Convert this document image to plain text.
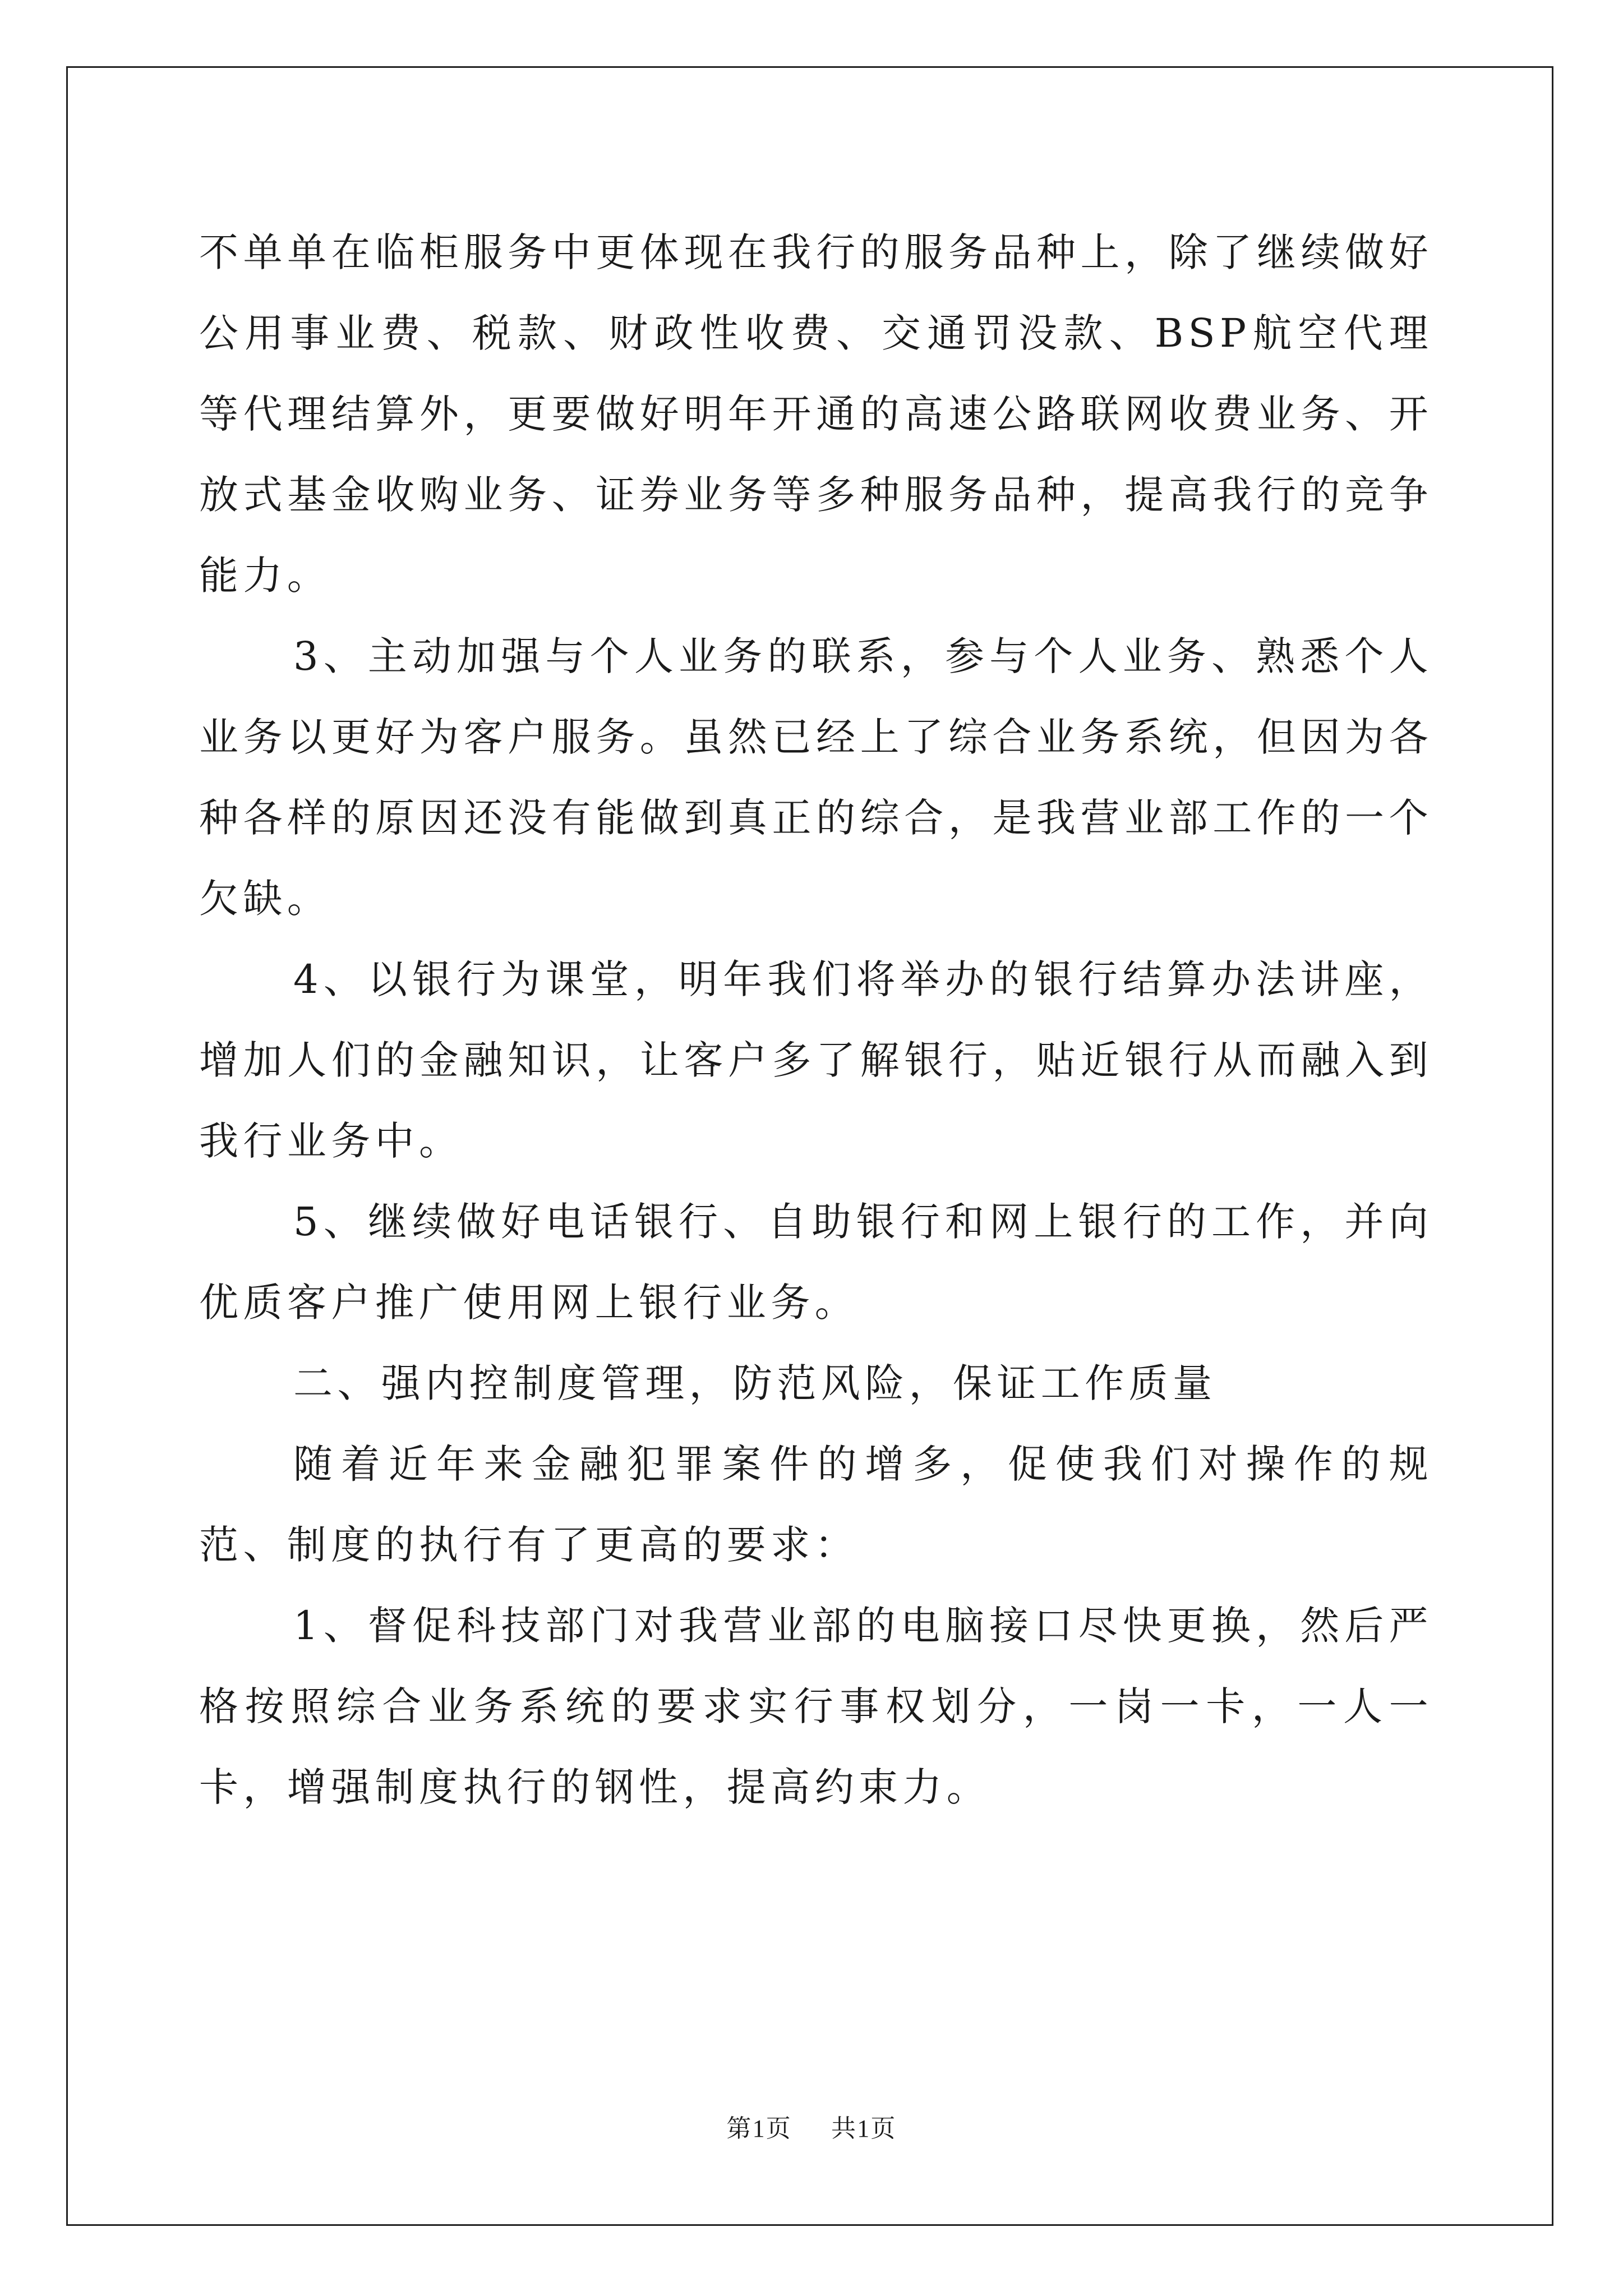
不单单在临柜服务中更体现在我行的服务品种上，除了继续做好公用事业费、税款、财政性收费、交通罚没款、BSP航空代理等代理结算外，更要做好明年开通的高速公路联网收费业务、开放式基金收购业务、证券业务等多种服务品种，提高我行的竞争能力。

3、主动加强与个人业务的联系，参与个人业务、熟悉个人业务以更好为客户服务。虽然已经上了综合业务系统，但因为各种各样的原因还没有能做到真正的综合，是我营业部工作的一个欠缺。

4、以银行为课堂，明年我们将举办的银行结算办法讲座，增加人们的金融知识，让客户多了解银行，贴近银行从而融入到我行业务中。

5、继续做好电话银行、自助银行和网上银行的工作，并向优质客户推广使用网上银行业务。

二、强内控制度管理，防范风险，保证工作质量

随着近年来金融犯罪案件的增多，促使我们对操作的规范、制度的执行有了更高的要求：

1、督促科技部门对我营业部的电脑接口尽快更换，然后严格按照综合业务系统的要求实行事权划分，一岗一卡，一人一卡，增强制度执行的钢性，提高约束力。

第1页 共1页
